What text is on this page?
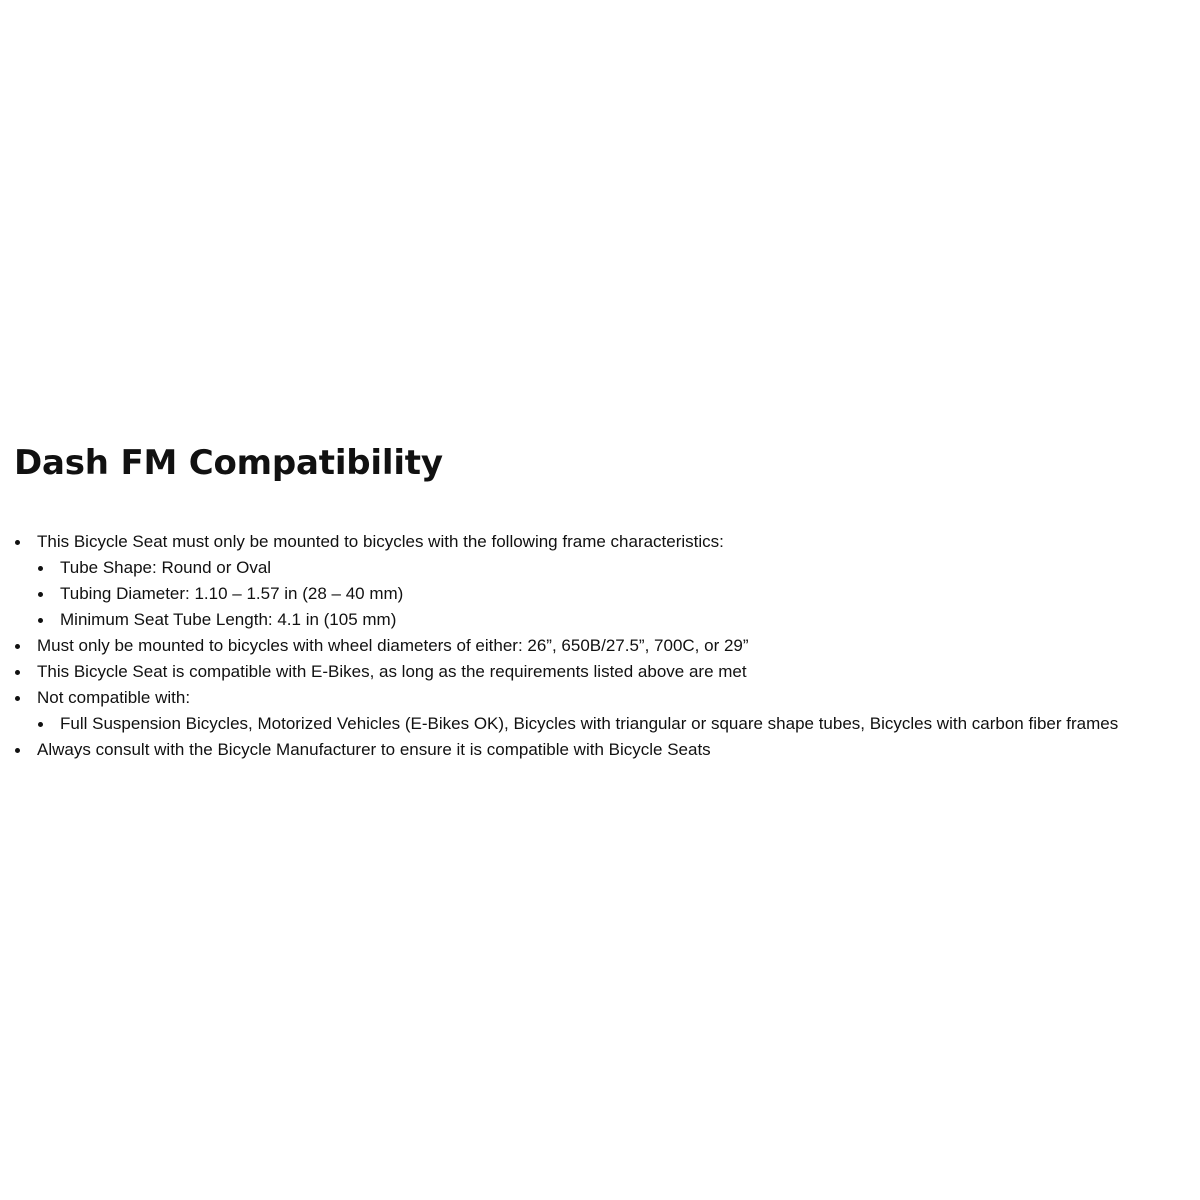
Dash FM Compatibility
This Bicycle Seat must only be mounted to bicycles with the following frame characteristics:
Tube Shape: Round or Oval
Tubing Diameter: 1.10 – 1.57 in (28 – 40 mm)
Minimum Seat Tube Length: 4.1 in (105 mm)
Must only be mounted to bicycles with wheel diameters of either: 26”, 650B/27.5”, 700C, or 29”
This Bicycle Seat is compatible with E-Bikes, as long as the requirements listed above are met
Not compatible with:
Full Suspension Bicycles, Motorized Vehicles (E-Bikes OK), Bicycles with triangular or square shape tubes, Bicycles with carbon fiber frames
Always consult with the Bicycle Manufacturer to ensure it is compatible with Bicycle Seats
